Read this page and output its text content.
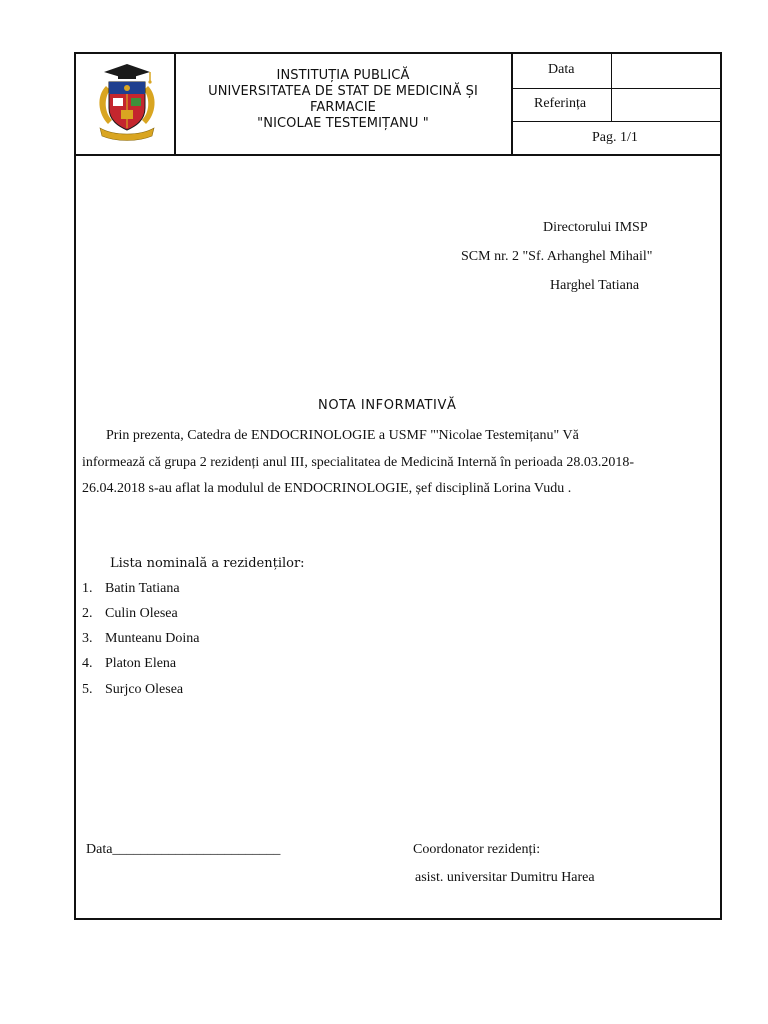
INSTITUȚIA PUBLICĂ
UNIVERSITATEA DE STAT DE MEDICINĂ ȘI
FARMACIE
"NICOLAE TESTEMIȚANU "
Data
Referința
Pag. 1/1
Directorului IMSP
SCM nr. 2 "Sf. Arhanghel Mihail"
Harghel Tatiana
NOTA INFORMATIVĂ
Prin prezenta, Catedra de ENDOCRINOLOGIE a USMF "'Nicolae Testemițanu" Vă
informează că grupa 2 rezidenți anul III, specialitatea de Medicină Internă în perioada 28.03.2018-
26.04.2018 s-au aflat la modulul de ENDOCRINOLOGIE, șef disciplină Lorina Vudu .
Lista nominală a rezidenților:
1. Batin Tatiana
2. Culin Olesea
3. Munteanu Doina
4. Platon Elena
5. Surjco Olesea
Data________________________	Coordonator rezidenți:
asist. universitar Dumitru Harea
